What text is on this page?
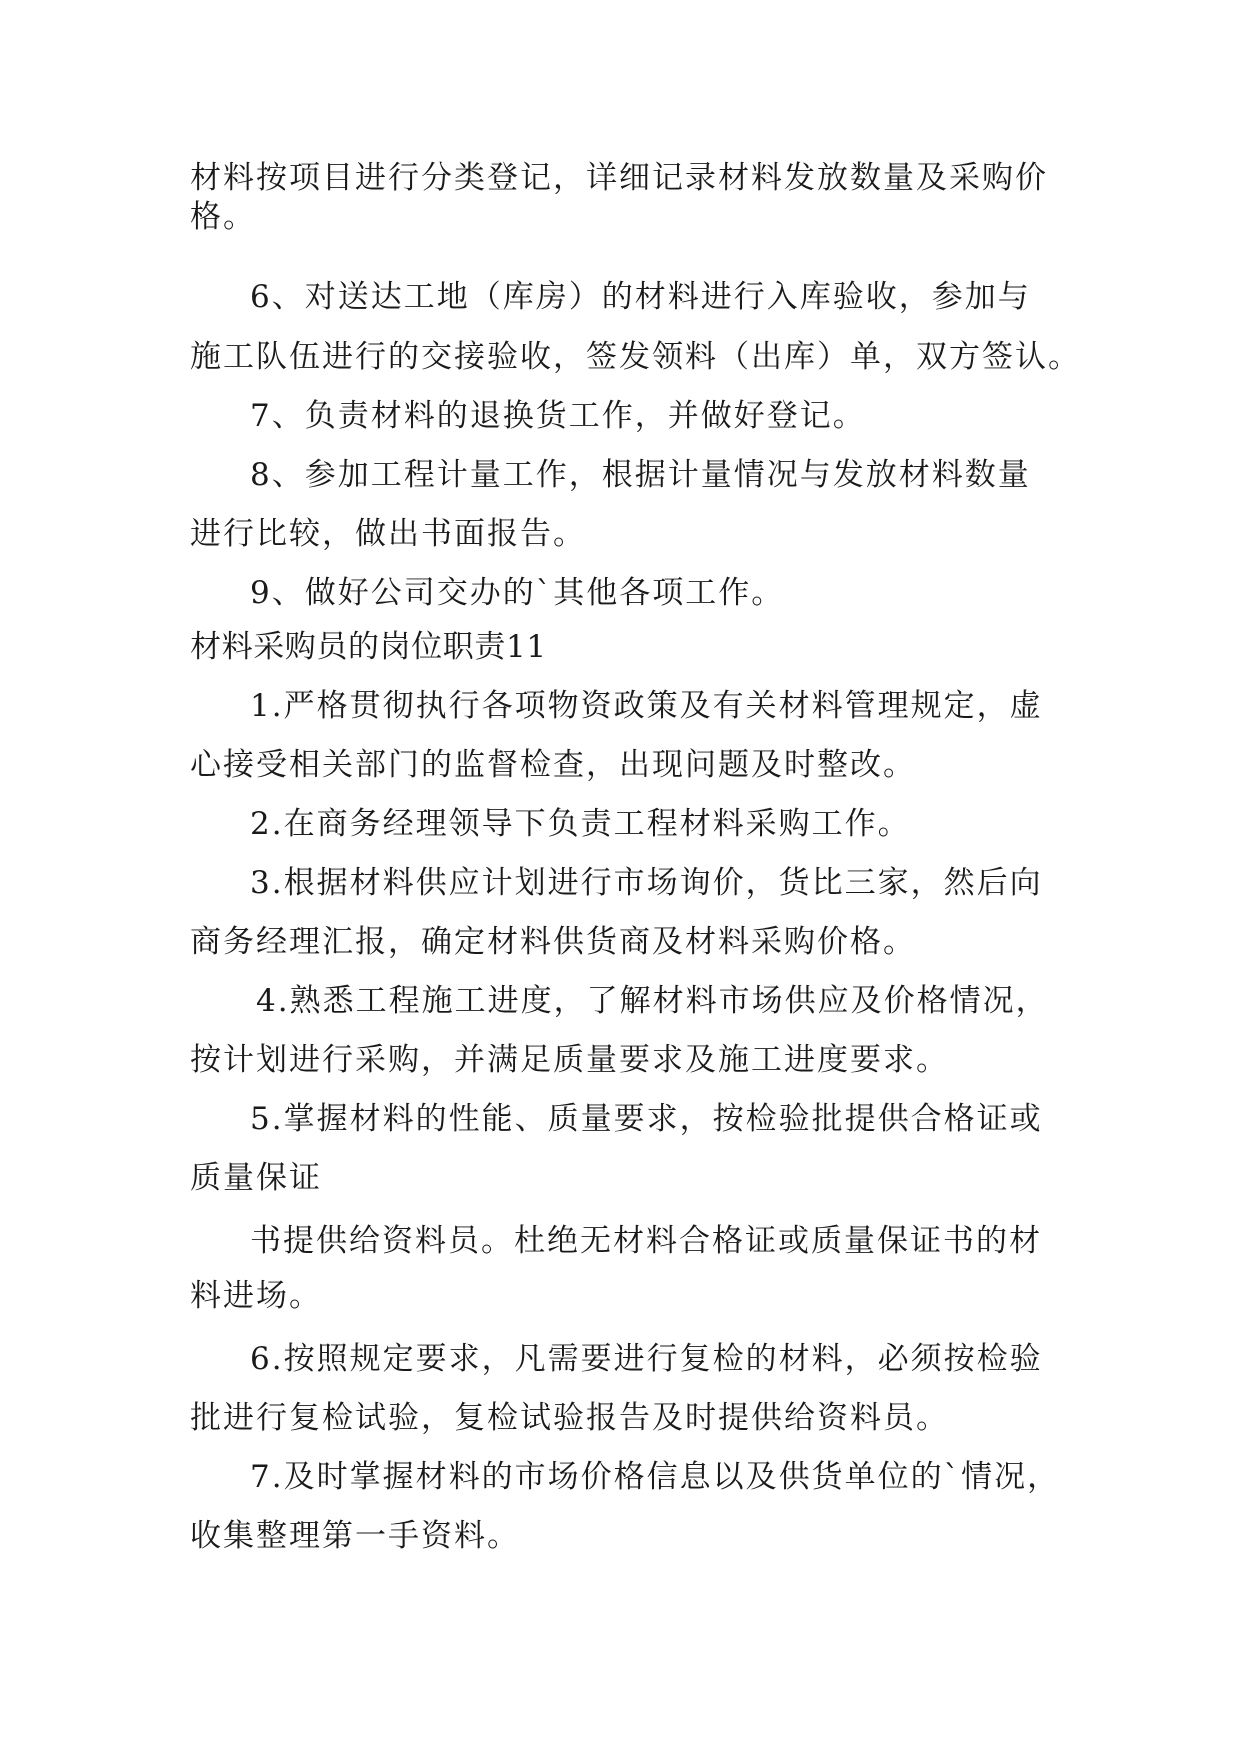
材料按项目进行分类登记，详细记录材料发放数量及采购价

格。

6、对送达工地（库房）的材料进行入库验收，参加与

施工队伍进行的交接验收，签发领料（出库）单，双方签认。

7、负责材料的退换货工作，并做好登记。

8、参加工程计量工作，根据计量情况与发放材料数量

进行比较，做出书面报告。

9、做好公司交办的`其他各项工作。

材料采购员的岗位职责11

1.严格贯彻执行各项物资政策及有关材料管理规定，虚

心接受相关部门的监督检查，出现问题及时整改。

2.在商务经理领导下负责工程材料采购工作。

3.根据材料供应计划进行市场询价，货比三家，然后向

商务经理汇报，确定材料供货商及材料采购价格。

4.熟悉工程施工进度，了解材料市场供应及价格情况，

按计划进行采购，并满足质量要求及施工进度要求。

5.掌握材料的性能、质量要求，按检验批提供合格证或

质量保证

书提供给资料员。杜绝无材料合格证或质量保证书的材

料进场。

6.按照规定要求，凡需要进行复检的材料，必须按检验

批进行复检试验，复检试验报告及时提供给资料员。

7.及时掌握材料的市场价格信息以及供货单位的`情况，

收集整理第一手资料。
